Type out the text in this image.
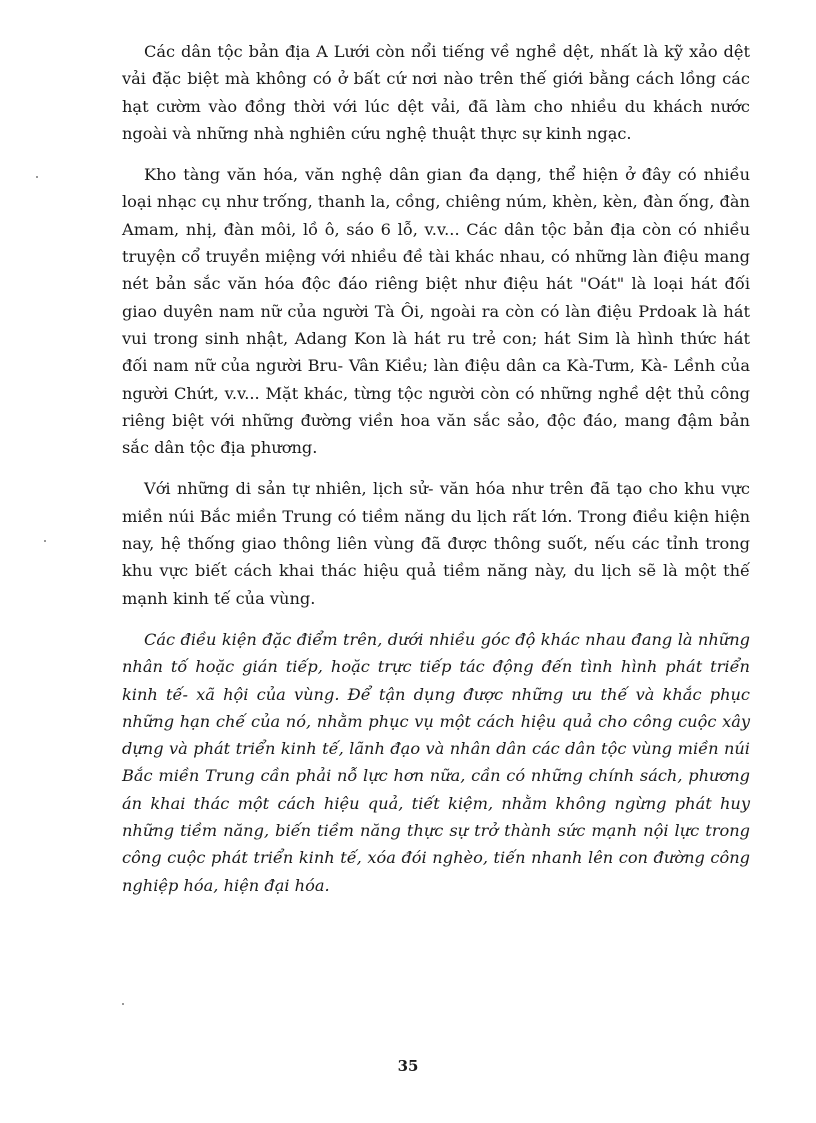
Các dân tộc bản địa A Lưới còn nổi tiếng về nghề dệt, nhất là kỹ xảo dệt vải đặc biệt mà không có ở bất cứ nơi nào trên thế giới bằng cách lồng các hạt cườm vào đồng thời với lúc dệt vải, đã làm cho nhiều du khách nước ngoài và những nhà nghiên cứu nghệ thuật thực sự kinh ngạc.

Kho tàng văn hóa, văn nghệ dân gian đa dạng, thể hiện ở đây có nhiều loại nhạc cụ như trống, thanh la, cồng, chiêng núm, khèn, kèn, đàn ống, đàn Amam, nhị, đàn môi, lồ ô, sáo 6 lỗ, v.v... Các dân tộc bản địa còn có nhiều truyện cổ truyền miệng với nhiều đề tài khác nhau, có những làn điệu mang nét bản sắc văn hóa độc đáo riêng biệt như điệu hát "Oát" là loại hát đối giao duyên nam nữ của người Tà Ôi, ngoài ra còn có làn điệu Prdoak là hát vui trong sinh nhật, Adang Kon là hát ru trẻ con; hát Sim là hình thức hát đối nam nữ của người Bru- Vân Kiều; làn điệu dân ca Kà-Tưm, Kà- Lềnh của người Chứt, v.v... Mặt khác, từng tộc người còn có những nghề dệt thủ công riêng biệt với những đường viền hoa văn sắc sảo, độc đáo, mang đậm bản sắc dân tộc địa phương.

Với những di sản tự nhiên, lịch sử- văn hóa như trên đã tạo cho khu vực miền núi Bắc miền Trung có tiềm năng du lịch rất lớn. Trong điều kiện hiện nay, hệ thống giao thông liên vùng đã được thông suốt, nếu các tỉnh trong khu vực biết cách khai thác hiệu quả tiềm năng này, du lịch sẽ là một thế mạnh kinh tế của vùng.

Các điều kiện đặc điểm trên, dưới nhiều góc độ khác nhau đang là những nhân tố hoặc gián tiếp, hoặc trực tiếp tác động đến tình hình phát triển kinh tế- xã hội của vùng. Để tận dụng được những ưu thế và khắc phục những hạn chế của nó, nhằm phục vụ một cách hiệu quả cho công cuộc xây dựng và phát triển kinh tế, lãnh đạo và nhân dân các dân tộc vùng miền núi Bắc miền Trung cần phải nỗ lực hơn nữa, cần có những chính sách, phương án khai thác một cách hiệu quả, tiết kiệm, nhằm không ngừng phát huy những tiềm năng, biến tiềm năng thực sự trở thành sức mạnh nội lực trong công cuộc phát triển kinh tế, xóa đói nghèo, tiến nhanh lên con đường công nghiệp hóa, hiện đại hóa.

35
